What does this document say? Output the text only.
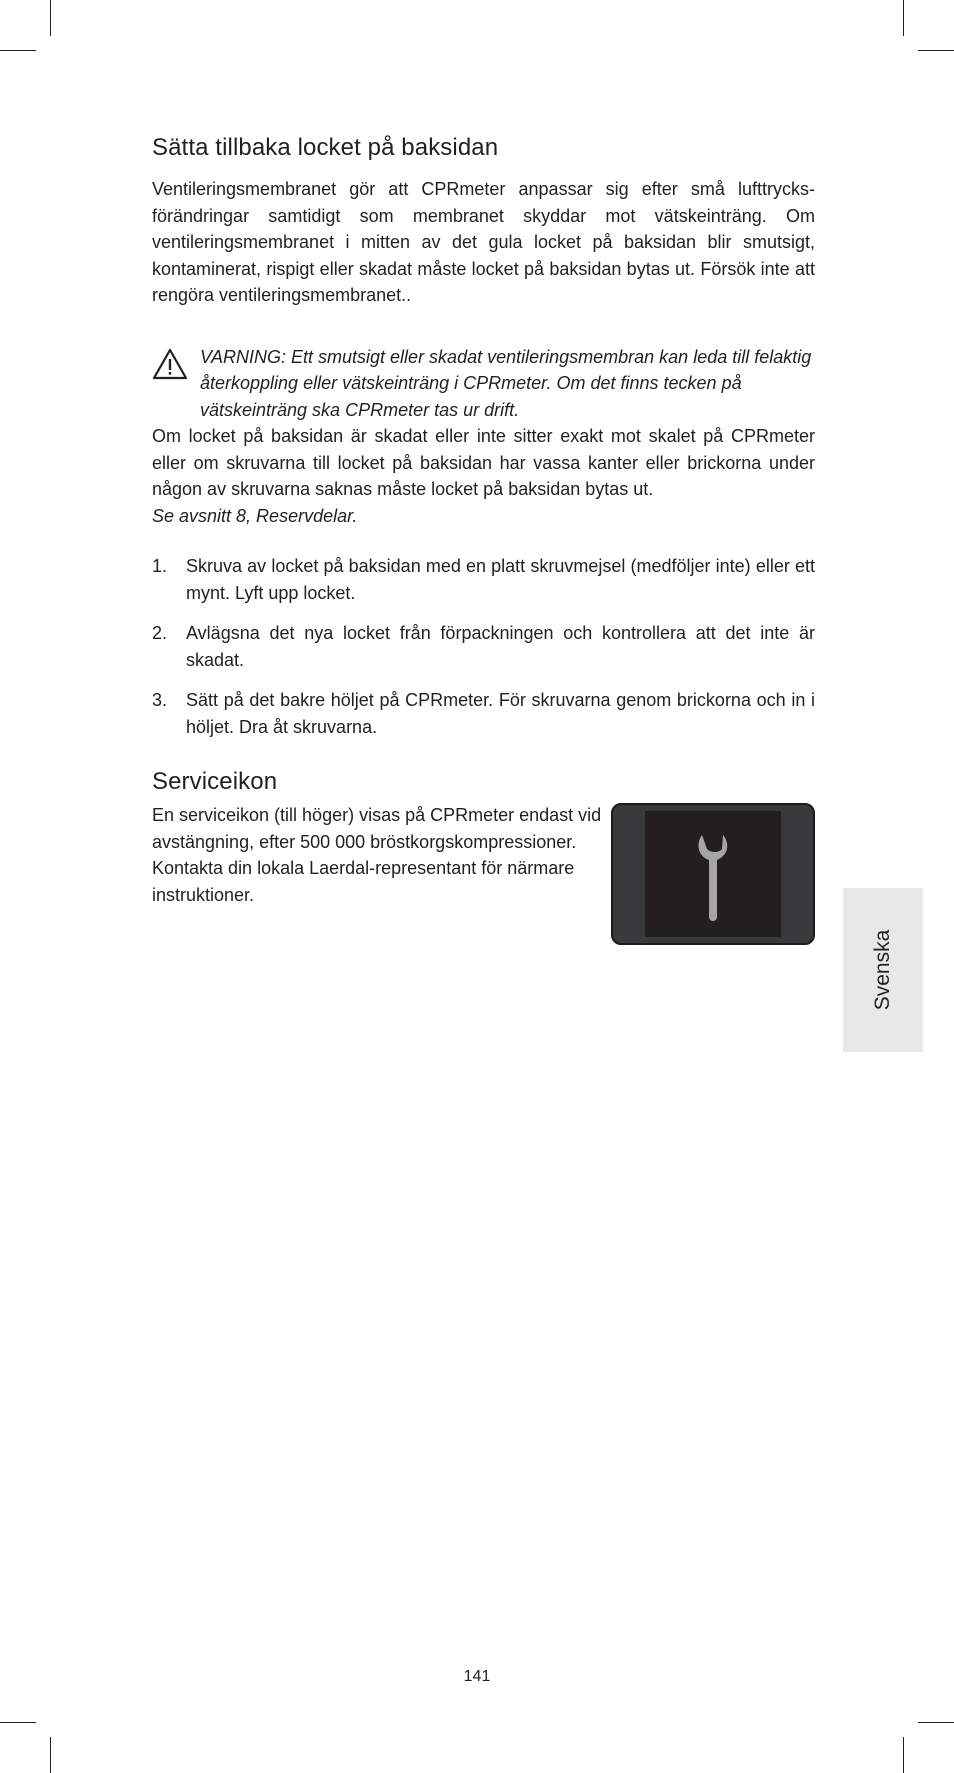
Sätta tillbaka locket på baksidan

Ventileringsmembranet gör att CPRmeter anpassar sig efter små lufttrycks-förändringar samtidigt som membranet skyddar mot vätskeinträng. Om ventileringsmembranet i mitten av det gula locket på baksidan blir smutsigt, kontaminerat, rispigt eller skadat måste locket på baksidan bytas ut. Försök inte att rengöra ventileringsmembranet..

VARNING: Ett smutsigt eller skadat ventileringsmembran kan leda till felaktig återkoppling eller vätskeinträng i CPRmeter. Om det finns tecken på vätskeinträng ska CPRmeter tas ur drift.

Om locket på baksidan är skadat eller inte sitter exakt mot skalet på CPRmeter eller om skruvarna till locket på baksidan har vassa kanter eller brickorna under någon av skruvarna saknas måste locket på baksidan bytas ut.
Se avsnitt 8, Reservdelar.

1.	Skruva av locket på baksidan med en platt skruvmejsel (medföljer inte) eller ett mynt. Lyft upp locket.
2.	Avlägsna det nya locket från förpackningen och kontrollera att det inte är skadat.
3.	Sätt på det bakre höljet på CPRmeter. För skruvarna genom brickorna och in i höljet. Dra åt skruvarna.
Serviceikon

En serviceikon (till höger) visas på CPRmeter endast vid avstängning, efter 500 000 bröstkorgskompressioner. Kontakta din lokala Laerdal-representant för närmare instruktioner.

Svenska
141
